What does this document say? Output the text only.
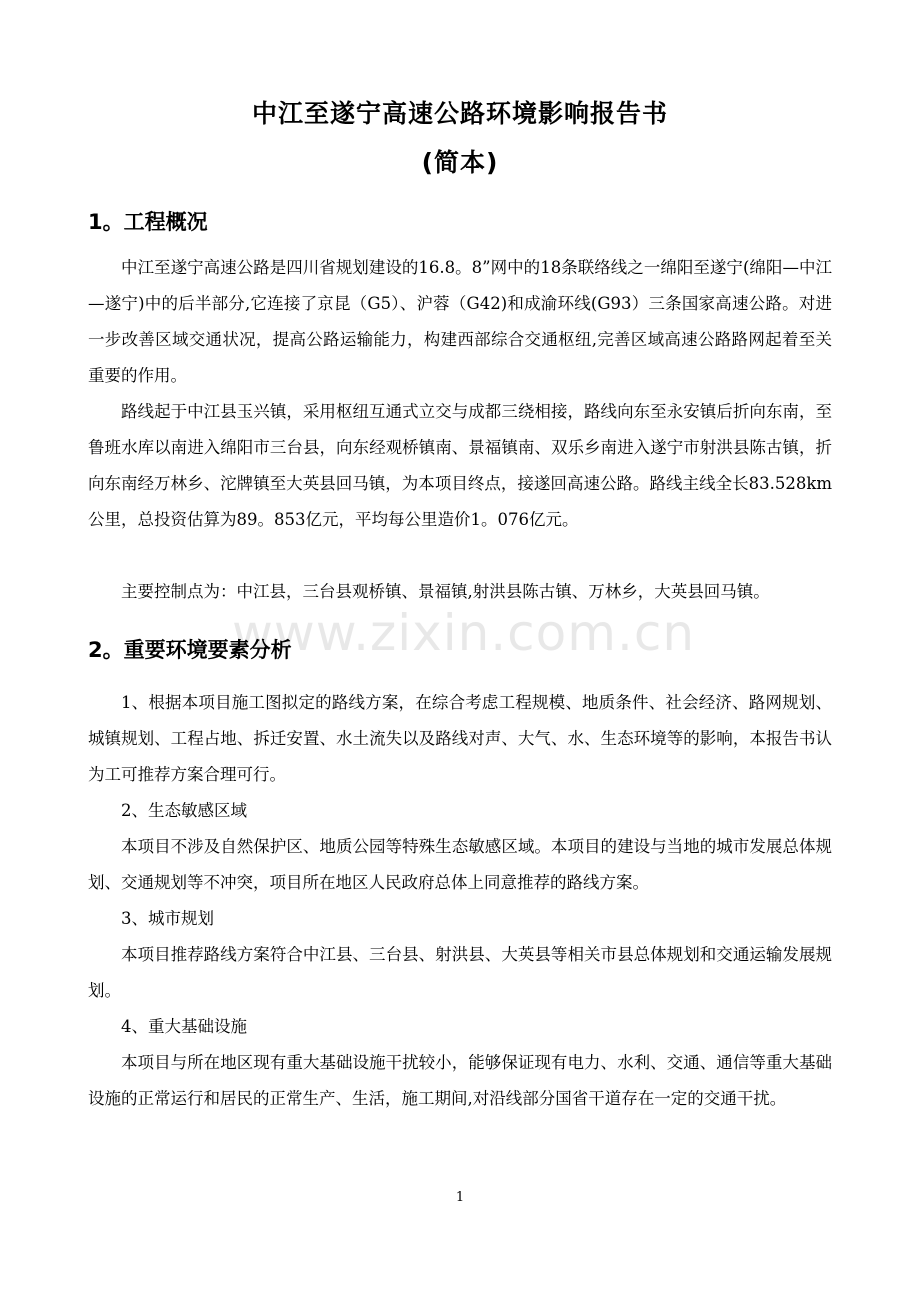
中江至遂宁高速公路环境影响报告书
(简本)
1。工程概况
中江至遂宁高速公路是四川省规划建设的16.8。8”网中的18条联络线之一绵阳至遂宁(绵阳—中江—遂宁)中的后半部分,它连接了京昆（G5）、沪蓉（G42)和成渝环线(G93）三条国家高速公路。对进一步改善区域交通状况，提高公路运输能力，构建西部综合交通枢纽,完善区域高速公路路网起着至关重要的作用。
路线起于中江县玉兴镇，采用枢纽互通式立交与成都三绕相接，路线向东至永安镇后折向东南，至鲁班水库以南进入绵阳市三台县，向东经观桥镇南、景福镇南、双乐乡南进入遂宁市射洪县陈古镇，折向东南经万林乡、沱牌镇至大英县回马镇，为本项目终点，接遂回高速公路。路线主线全长83.528km公里，总投资估算为89。853亿元，平均每公里造价1。076亿元。
主要控制点为：中江县，三台县观桥镇、景福镇,射洪县陈古镇、万林乡，大英县回马镇。
www.zixin.com.cn
2。重要环境要素分析
1、根据本项目施工图拟定的路线方案，在综合考虑工程规模、地质条件、社会经济、路网规划、城镇规划、工程占地、拆迁安置、水土流失以及路线对声、大气、水、生态环境等的影响，本报告书认为工可推荐方案合理可行。
2、生态敏感区域
本项目不涉及自然保护区、地质公园等特殊生态敏感区域。本项目的建设与当地的城市发展总体规划、交通规划等不冲突，项目所在地区人民政府总体上同意推荐的路线方案。
3、城市规划
本项目推荐路线方案符合中江县、三台县、射洪县、大英县等相关市县总体规划和交通运输发展规划。
4、重大基础设施
本项目与所在地区现有重大基础设施干扰较小，能够保证现有电力、水利、交通、通信等重大基础设施的正常运行和居民的正常生产、生活，施工期间,对沿线部分国省干道存在一定的交通干扰。
1
